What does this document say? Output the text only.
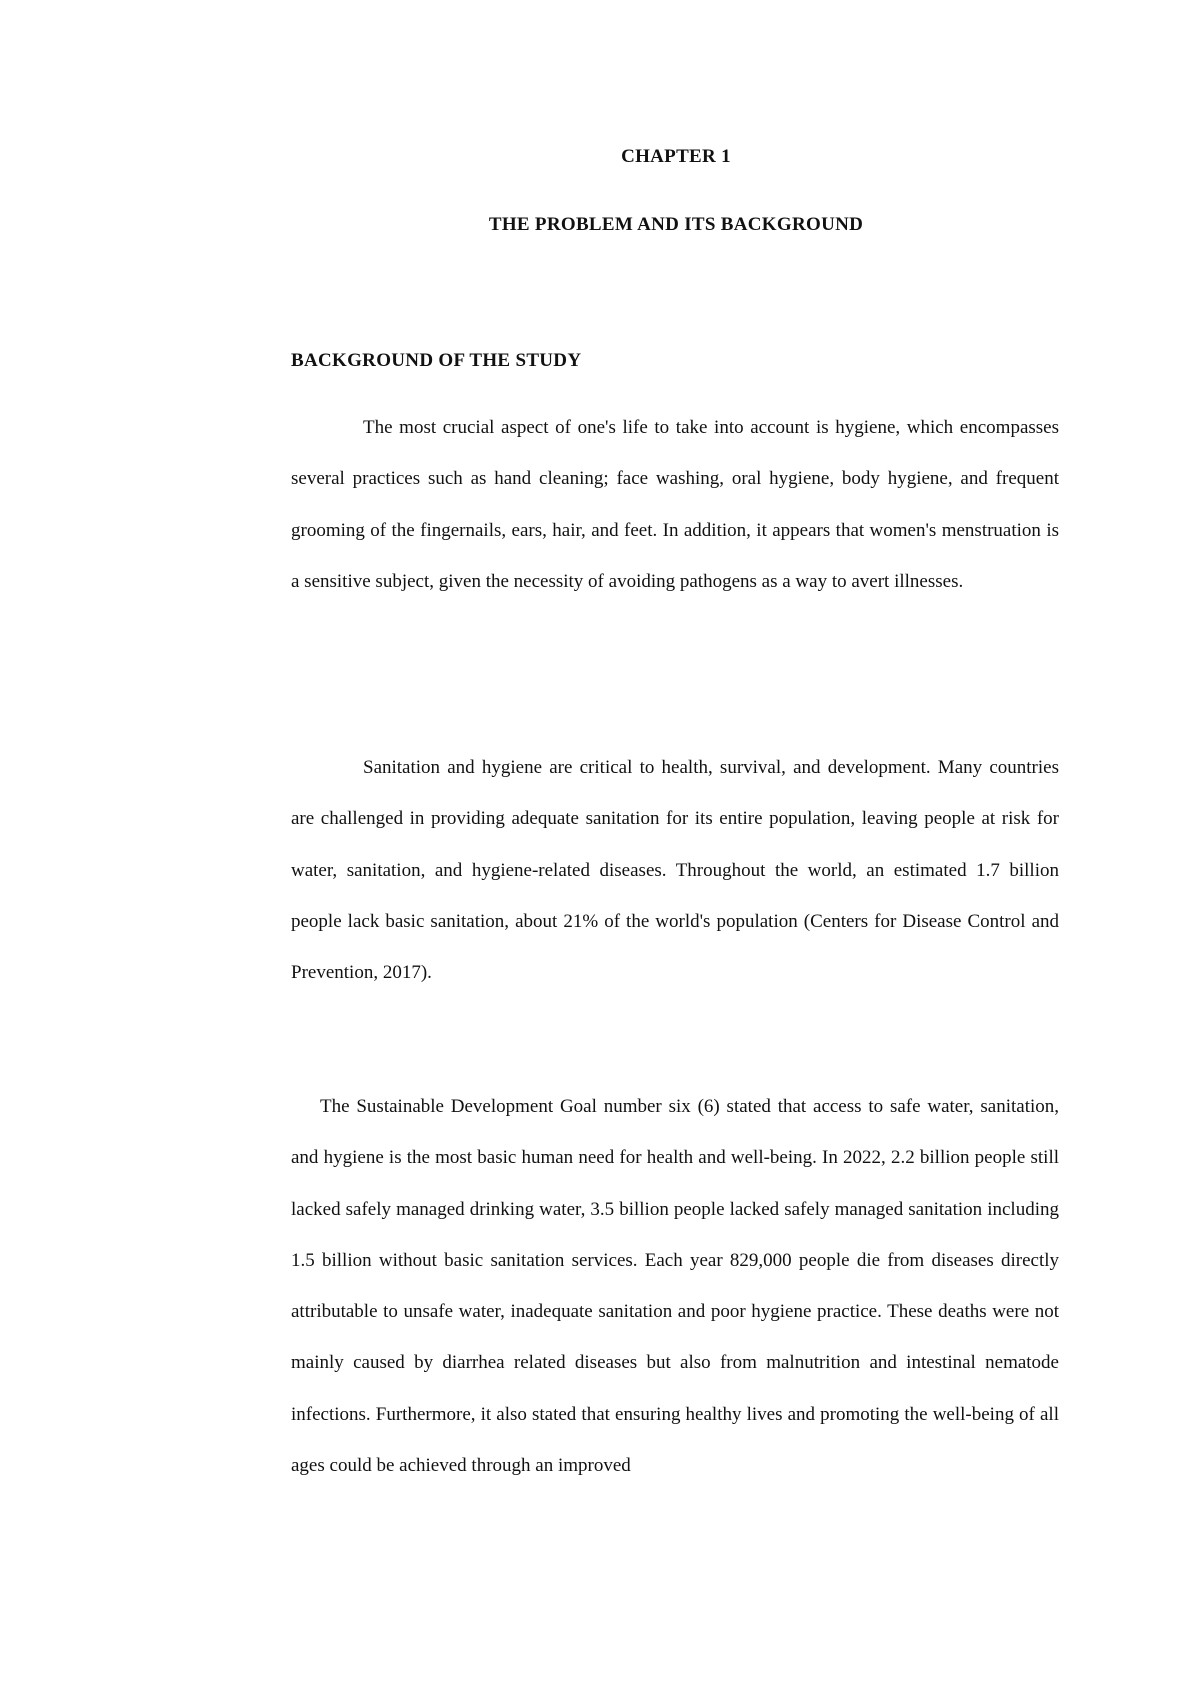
CHAPTER 1
THE PROBLEM AND ITS BACKGROUND
BACKGROUND OF THE STUDY

The most crucial aspect of one's life to take into account is hygiene, which encompasses several practices such as hand cleaning; face washing, oral hygiene, body hygiene, and frequent grooming of the fingernails, ears, hair, and feet. In addition, it appears that women's menstruation is a sensitive subject, given the necessity of avoiding pathogens as a way to avert illnesses.

Sanitation and hygiene are critical to health, survival, and development. Many countries are challenged in providing adequate sanitation for its entire population, leaving people at risk for water, sanitation, and hygiene-related diseases. Throughout the world, an estimated 1.7 billion people lack basic sanitation, about 21% of the world's population (Centers for Disease Control and Prevention, 2017).

The Sustainable Development Goal number six (6) stated that access to safe water, sanitation, and hygiene is the most basic human need for health and well-being. In 2022, 2.2 billion people still lacked safely managed drinking water, 3.5 billion people lacked safely managed sanitation including 1.5 billion without basic sanitation services. Each year 829,000 people die from diseases directly attributable to unsafe water, inadequate sanitation and poor hygiene practice. These deaths were not mainly caused by diarrhea related diseases but also from malnutrition and intestinal nematode infections. Furthermore, it also stated that ensuring healthy lives and promoting the well-being of all ages could be achieved through an improved
